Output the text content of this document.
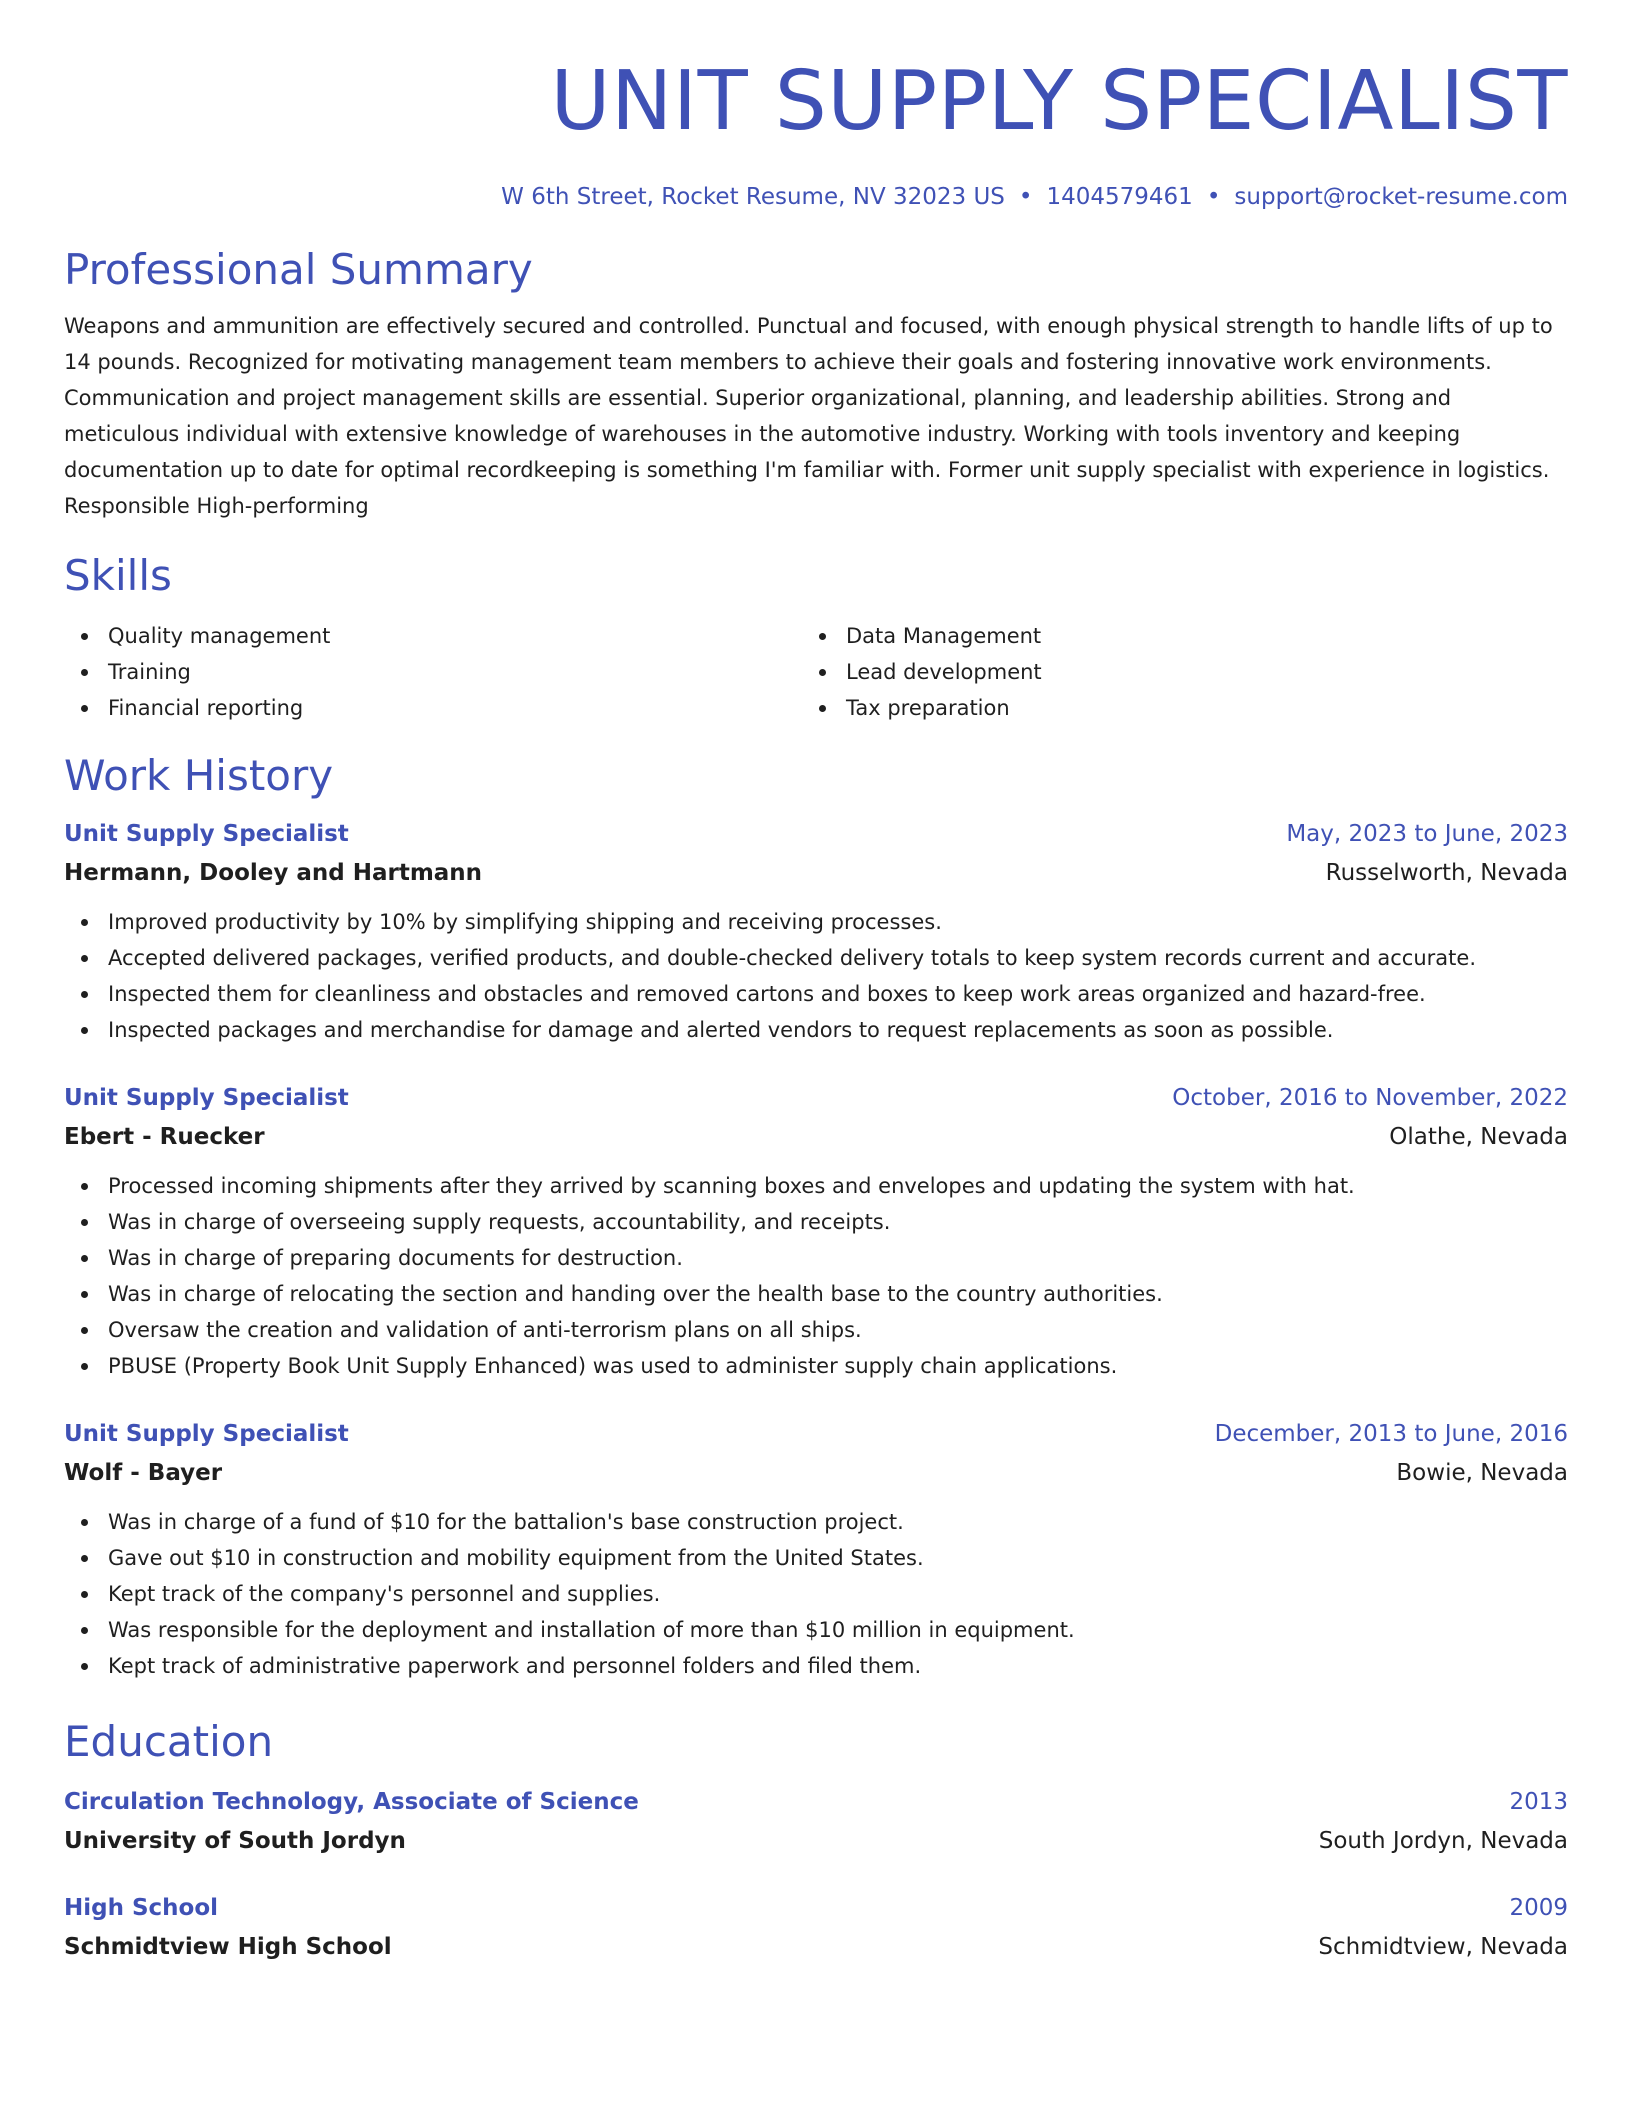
UNIT SUPPLY SPECIALIST
W 6th Street, Rocket Resume, NV 32023 US • 1404579461 • support@rocket-resume.com
Professional Summary
Weapons and ammunition are effectively secured and controlled. Punctual and focused, with enough physical strength to handle lifts of up to 14 pounds. Recognized for motivating management team members to achieve their goals and fostering innovative work environments. Communication and project management skills are essential. Superior organizational, planning, and leadership abilities. Strong and meticulous individual with extensive knowledge of warehouses in the automotive industry. Working with tools inventory and keeping documentation up to date for optimal recordkeeping is something I'm familiar with. Former unit supply specialist with experience in logistics. Responsible High-performing
Skills
Quality management
Training
Financial reporting
Data Management
Lead development
Tax preparation
Work History
Unit Supply Specialist	May, 2023 to June, 2023
Hermann, Dooley and Hartmann	Russelworth, Nevada
Improved productivity by 10% by simplifying shipping and receiving processes.
Accepted delivered packages, verified products, and double-checked delivery totals to keep system records current and accurate.
Inspected them for cleanliness and obstacles and removed cartons and boxes to keep work areas organized and hazard-free.
Inspected packages and merchandise for damage and alerted vendors to request replacements as soon as possible.
Unit Supply Specialist	October, 2016 to November, 2022
Ebert - Ruecker	Olathe, Nevada
Processed incoming shipments after they arrived by scanning boxes and envelopes and updating the system with hat.
Was in charge of overseeing supply requests, accountability, and receipts.
Was in charge of preparing documents for destruction.
Was in charge of relocating the section and handing over the health base to the country authorities.
Oversaw the creation and validation of anti-terrorism plans on all ships.
PBUSE (Property Book Unit Supply Enhanced) was used to administer supply chain applications.
Unit Supply Specialist	December, 2013 to June, 2016
Wolf - Bayer	Bowie, Nevada
Was in charge of a fund of $10 for the battalion's base construction project.
Gave out $10 in construction and mobility equipment from the United States.
Kept track of the company's personnel and supplies.
Was responsible for the deployment and installation of more than $10 million in equipment.
Kept track of administrative paperwork and personnel folders and filed them.
Education
Circulation Technology, Associate of Science	2013
University of South Jordyn	South Jordyn, Nevada
High School	2009
Schmidtview High School	Schmidtview, Nevada
